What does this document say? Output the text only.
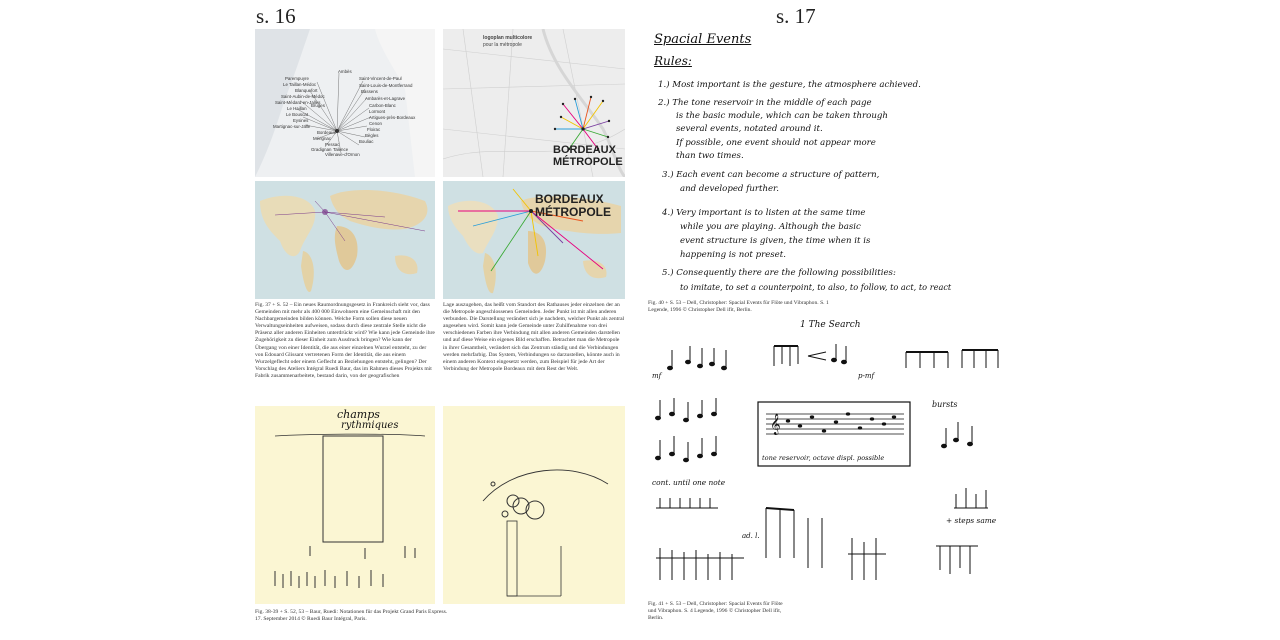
s. 16	s. 17
Ambès
Parempuyre	Saint-Vincent-de-Paul
Le Taillan-Médoc	Saint-Louis-de-Montferrand
Blanquefort	Bassens
Saint-Aubin-de-Médoc	Ambarès-et-Lagrave
Saint-Médard-en-Jalles
Le Haillan
Carbon-Blanc
Bruges
Lormont
Le Bouscat
Artigues-près-Bordeaux
Eysines
Cenon
Martignac-sur-Jalle
Floirac
Bordeaux
Bègles
Mérignac
Bouliac
Pessac
Gradignan Talence
Villenave-d'Ornon
logoplan multicolore
pour la métropole
BORDEAUX
MÉTROPOLE
BORDEAUX
MÉTROPOLE

Fig. 37 + S. 52 – Ein neues Raumordnungsgesetz in Frankreich sieht vor, dass Gemeinden mit mehr als 400 000 Einwohnern eine Gemeinschaft mit den Nachbargemeinden bilden können. Welche Form sollen diese neuen Verwaltungseinheiten aufweisen, sodass durch diese zentrale Stelle nicht die Präsenz aller anderen Einheiten unterdrückt wird? Wie kann jede Gemeinde ihre Zugehörigkeit zu dieser Einheit zum Ausdruck bringen? Wie kann der Übergang von einer Identität, die aus einer einzelnen Wurzel entsteht, zu der von Edouard Glissant vertretenen Form der Identität, die aus einem Wurzelgeflecht oder einem Geflecht an Beziehungen entsteht, gelingen? Der Vorschlag des Ateliers Intégral Ruedi Baur, das im Rahmen dieses Projekts mit Fabrik zusammenarbeitete, bestand darin, von der geografischen

Lage auszugehen, das heißt vom Standort des Rathauses jeder einzelnen der an die Metropole angeschlossenen Gemeinden. Jeder Punkt ist mit allen anderen verbunden. Die Darstellung verändert sich je nachdem, welcher Punkt als zentral angesehen wird. Somit kann jede Gemeinde unter Zuhilfenahme von drei verschiedenen Farben ihre Verbindung mit allen anderen Gemeinden darstellen und auf diese Weise ein eigenes Bild erschaffen. Betrachtet man die Metropole in ihrer Gesamtheit, verändert sich das Zentrum ständig und die Verbindungen werden mehrfarbig. Das System, Verbindungen so darzustellen, könnte auch in einem anderen Kontext eingesetzt werden, zum Beispiel für jede Art der Verbindung der Metropole Bordeaux mit dem Rest der Welt.

champs
rythmiques

Fig. 38-39 + S. 52, 53 – Baur, Ruedi: Notationen für das Projekt Grand Paris Express. 17. September 2014 © Ruedi Baur Intégral, Paris.

Spacial Events
Rules:
1.) Most important is the gesture, the atmosphere achieved.
2.) The tone reservoir in the middle of each page
is the basic module, which can be taken through
several events, notated around it.
If possible, one event should not appear more
than two times.
3.) Each event can become a structure of pattern,
and developed further.
4.) Very important is to listen at the same time
while you are playing. Although the basic
event structure is given, the time when it is
happening is not preset.
5.) Consequently there are the following possibilities:
to imitate, to set a counterpoint, to also, to follow, to act, to react

Fig. 40 + S. 53 – Dell, Christopher: Spacial Events für Flöte und Vibraphon. S. 1 Legende, 1996 © Christopher Dell ifit, Berlin.

1 The Search
𝄞
p-mf
bursts
tone reservoir, octave displ. possible
cont. until one note
+ steps same
ad. l.
mf

Fig. 41 + S. 53 – Dell, Christopher: Spacial Events für Flöte und Vibraphon. S. 4 Legende, 1996 © Christopher Dell ifit, Berlin.
